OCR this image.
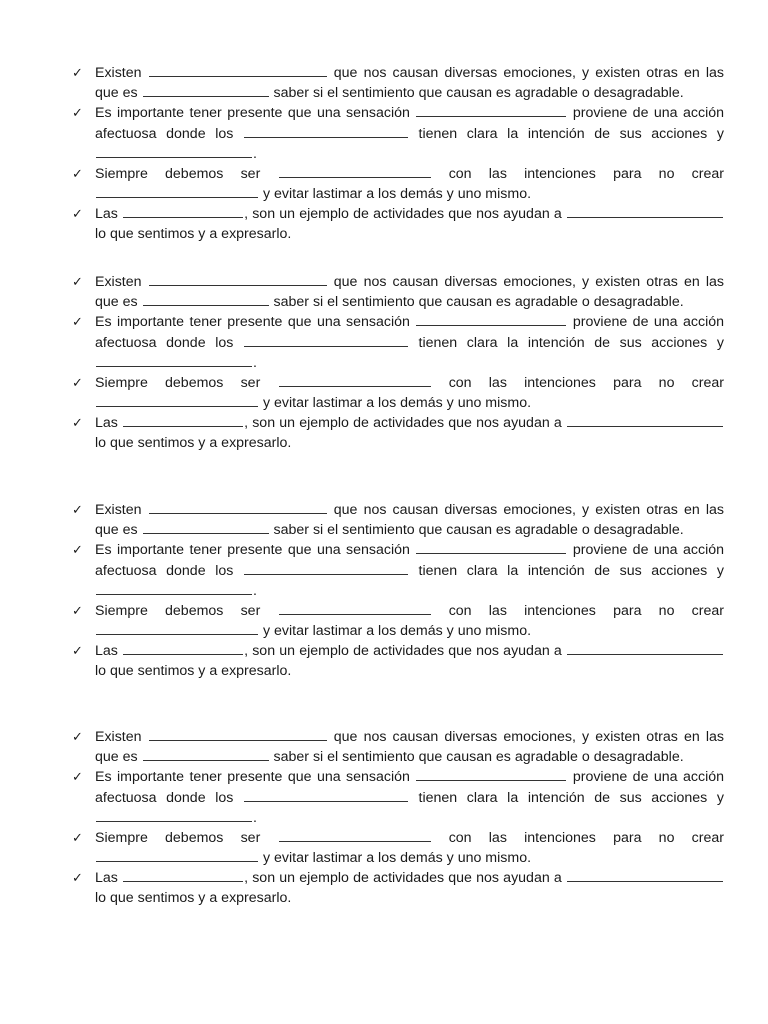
✓ Existen	que nos causan diversas emociones, y existen otras en las que es	saber si el sentimiento que causan es agradable o desagradable.
✓ Es importante tener presente que una sensación	proviene de una acción afectuosa donde los	tienen clara la intención de sus acciones y .
✓ Siempre debemos ser	con las intenciones para no crear  y evitar lastimar a los demás y uno mismo.
✓ Las	, son un ejemplo de actividades que nos ayudan a  lo que sentimos y a expresarlo.
✓ Existen	que nos causan diversas emociones, y existen otras en las que es	saber si el sentimiento que causan es agradable o desagradable.
✓ Es importante tener presente que una sensación	proviene de una acción afectuosa donde los	tienen clara la intención de sus acciones y .
✓ Siempre debemos ser	con las intenciones para no crear  y evitar lastimar a los demás y uno mismo.
✓ Las	, son un ejemplo de actividades que nos ayudan a  lo que sentimos y a expresarlo.
✓ Existen	que nos causan diversas emociones, y existen otras en las que es	saber si el sentimiento que causan es agradable o desagradable.
✓ Es importante tener presente que una sensación	proviene de una acción afectuosa donde los	tienen clara la intención de sus acciones y .
✓ Siempre debemos ser	con las intenciones para no crear  y evitar lastimar a los demás y uno mismo.
✓ Las	, son un ejemplo de actividades que nos ayudan a  lo que sentimos y a expresarlo.
✓ Existen	que nos causan diversas emociones, y existen otras en las que es	saber si el sentimiento que causan es agradable o desagradable.
✓ Es importante tener presente que una sensación	proviene de una acción afectuosa donde los	tienen clara la intención de sus acciones y .
✓ Siempre debemos ser	con las intenciones para no crear  y evitar lastimar a los demás y uno mismo.
✓ Las	, son un ejemplo de actividades que nos ayudan a  lo que sentimos y a expresarlo.
